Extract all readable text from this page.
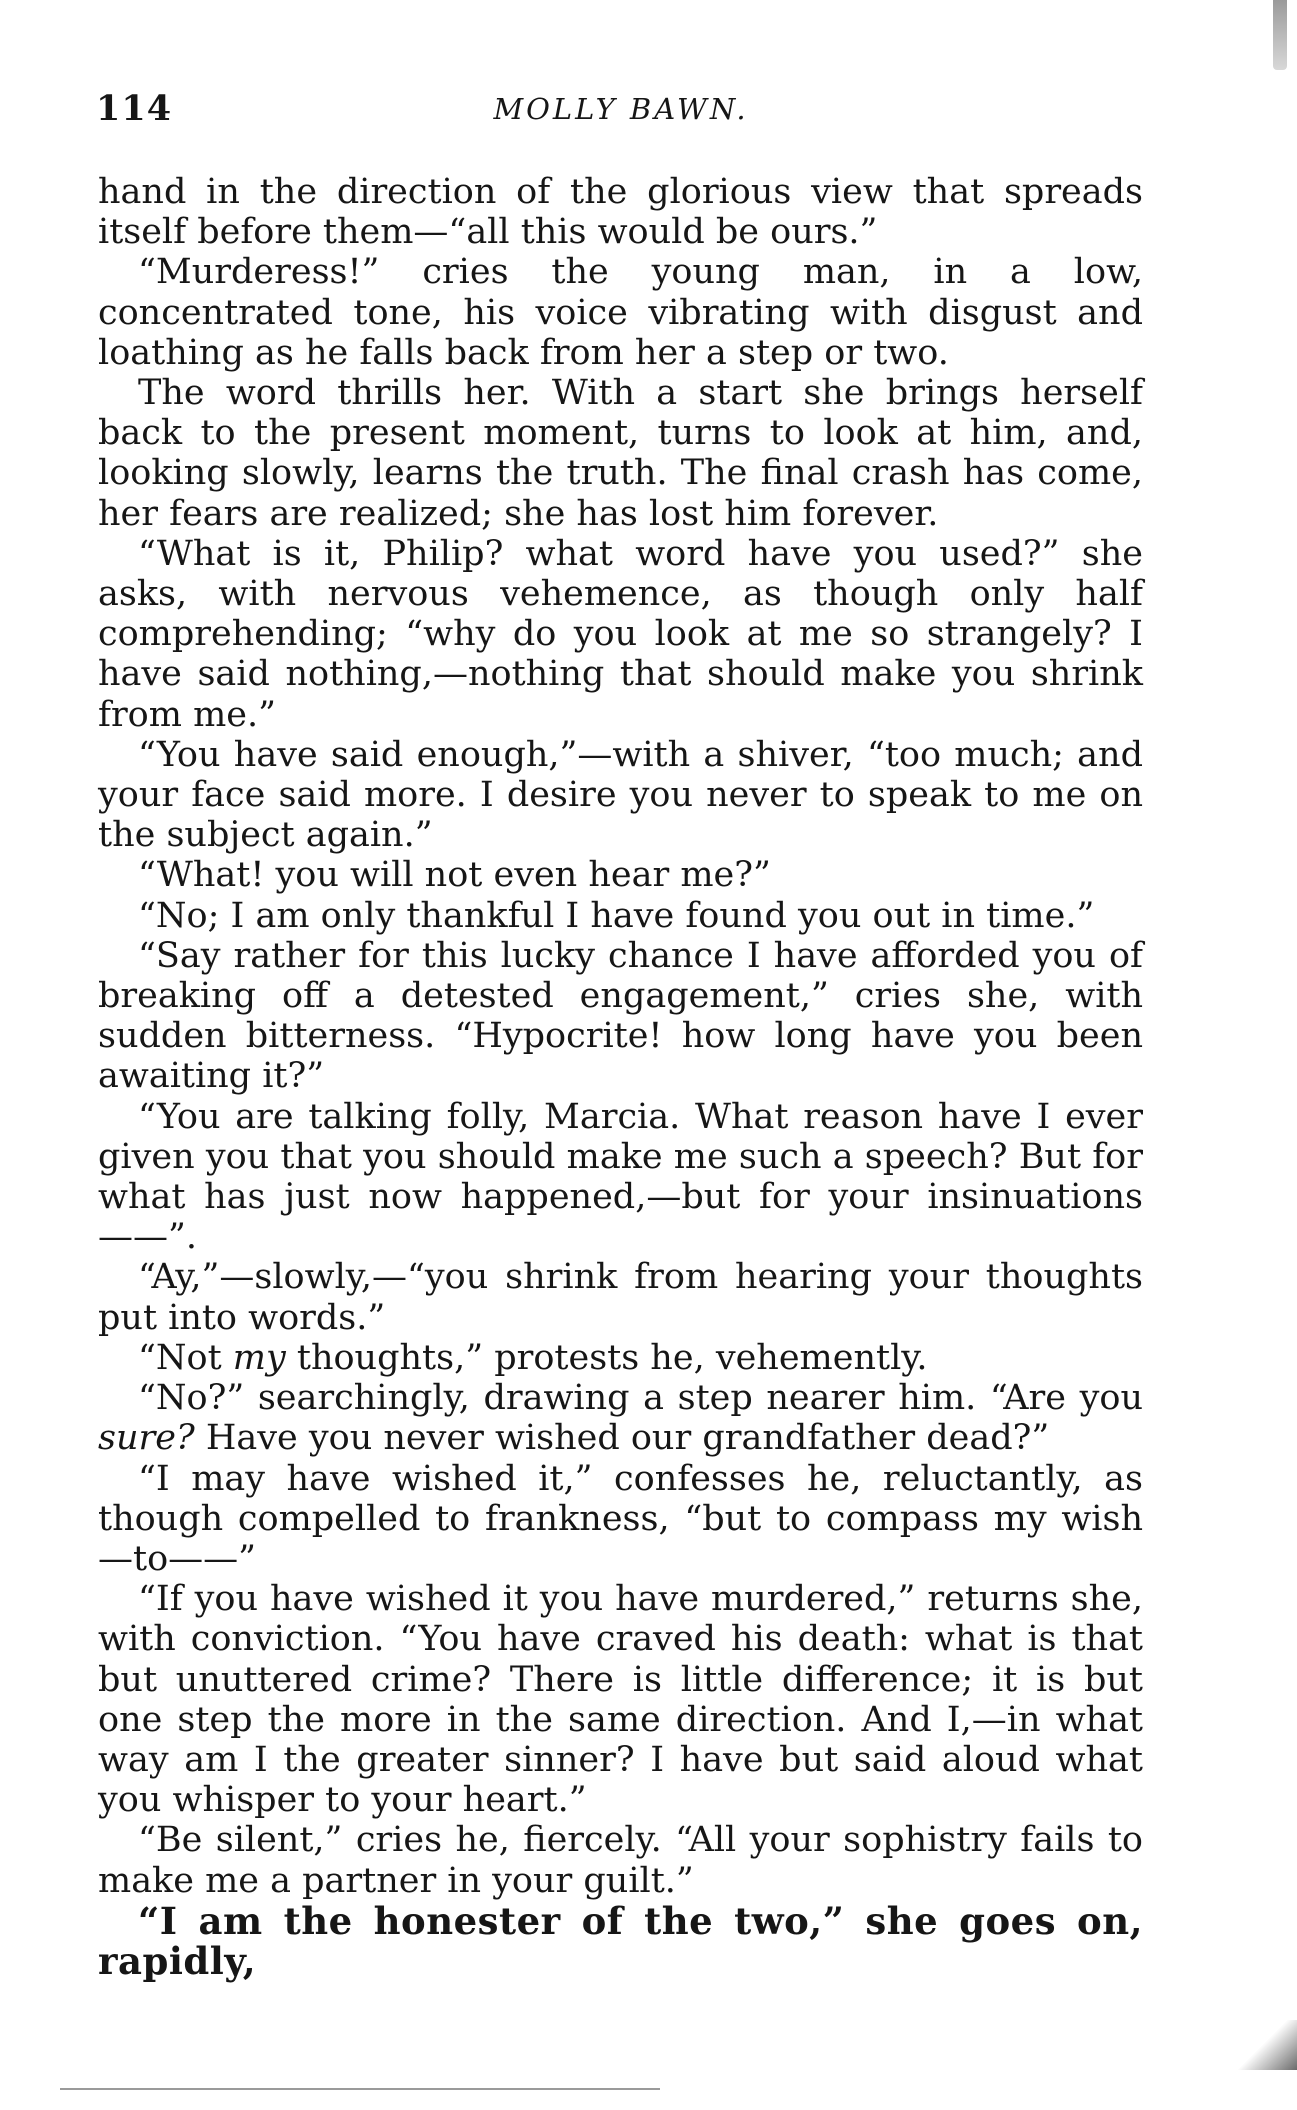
114	MOLLY BAWN.

hand in the direction of the glorious view that spreads itself before them—“all this would be ours.”

“Murderess!” cries the young man, in a low, concentrated tone, his voice vibrating with disgust and loathing as he falls back from her a step or two.

The word thrills her. With a start she brings herself back to the present moment, turns to look at him, and, looking slowly, learns the truth. The final crash has come, her fears are realized; she has lost him forever.

“What is it, Philip? what word have you used?” she asks, with nervous vehemence, as though only half comprehending; “why do you look at me so strangely? I have said nothing,—nothing that should make you shrink from me.”

“You have said enough,”—with a shiver, “too much; and your face said more. I desire you never to speak to me on the subject again.”

“What! you will not even hear me?”

“No; I am only thankful I have found you out in time.”

“Say rather for this lucky chance I have afforded you of breaking off a detested engagement,” cries she, with sudden bitterness. “Hypocrite! how long have you been awaiting it?”

“You are talking folly, Marcia. What reason have I ever given you that you should make me such a speech? But for what has just now happened,—but for your insinuations——”.

“Ay,”—slowly,—“you shrink from hearing your thoughts put into words.”

“Not my thoughts,” protests he, vehemently.

“No?” searchingly, drawing a step nearer him. “Are you sure? Have you never wished our grandfather dead?”

“I may have wished it,” confesses he, reluctantly, as though compelled to frankness, “but to compass my wish —to——”

“If you have wished it you have murdered,” returns she, with conviction. “You have craved his death: what is that but unuttered crime? There is little difference; it is but one step the more in the same direction. And I,—in what way am I the greater sinner? I have but said aloud what you whisper to your heart.”

“Be silent,” cries he, fiercely. “All your sophistry fails to make me a partner in your guilt.”

“I am the honester of the two,” she goes on, rapidly,
